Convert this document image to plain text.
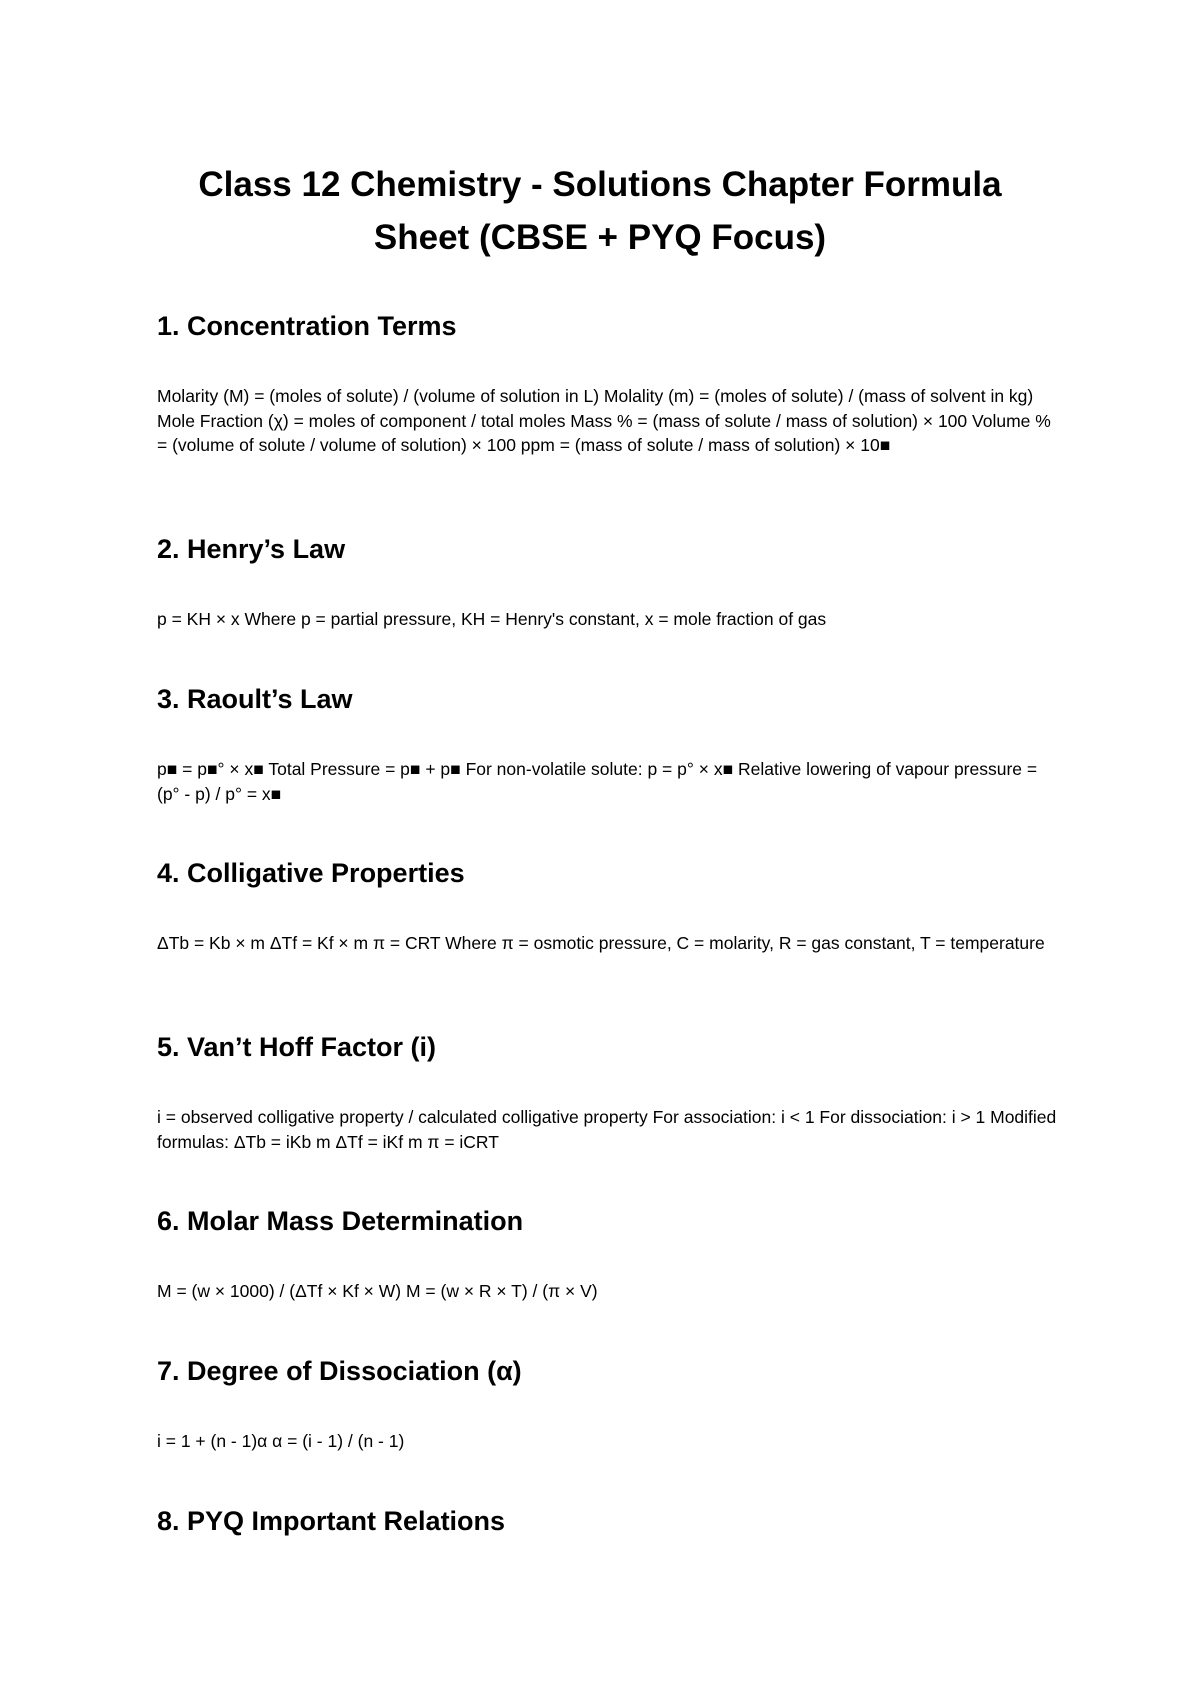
Class 12 Chemistry - Solutions Chapter Formula Sheet (CBSE + PYQ Focus)
1. Concentration Terms

Molarity (M) = (moles of solute) / (volume of solution in L) Molality (m) = (moles of solute) / (mass of solvent in kg) Mole Fraction (χ) = moles of component / total moles Mass % = (mass of solute / mass of solution) × 100 Volume % = (volume of solute / volume of solution) × 100 ppm = (mass of solute / mass of solution) × 10■

2. Henry’s Law

p = KH × x Where p = partial pressure, KH = Henry's constant, x = mole fraction of gas

3. Raoult’s Law

p■ = p■° × x■ Total Pressure = p■ + p■ For non-volatile solute: p = p° × x■ Relative lowering of vapour pressure = (p° - p) / p° = x■

4. Colligative Properties

ΔTb = Kb × m ΔTf = Kf × m π = CRT Where π = osmotic pressure, C = molarity, R = gas constant, T = temperature

5. Van’t Hoff Factor (i)

i = observed colligative property / calculated colligative property For association: i < 1 For dissociation: i > 1 Modified formulas: ΔTb = iKb m ΔTf = iKf m π = iCRT

6. Molar Mass Determination

M = (w × 1000) / (ΔTf × Kf × W) M = (w × R × T) / (π × V)

7. Degree of Dissociation (α)

i = 1 + (n - 1)α α = (i - 1) / (n - 1)

8. PYQ Important Relations
